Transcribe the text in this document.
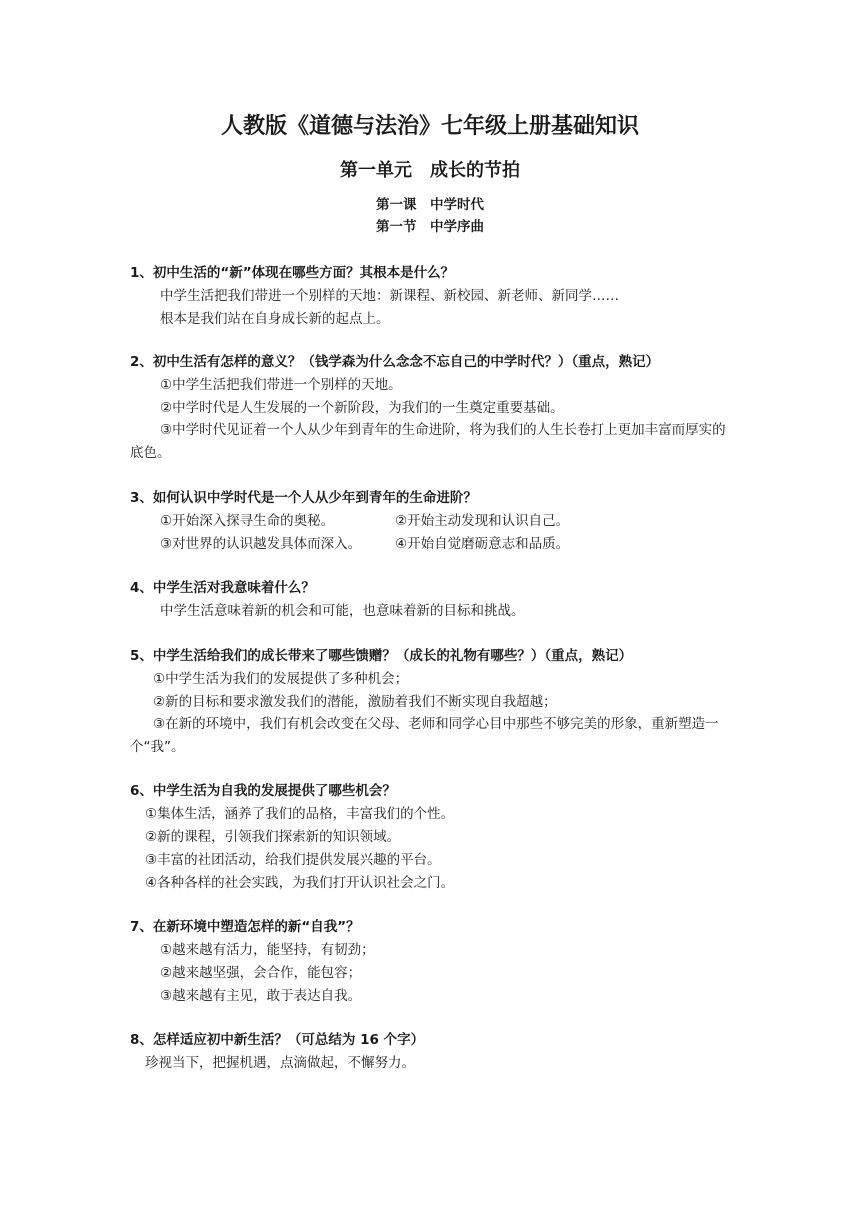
人教版《道德与法治》七年级上册基础知识
第一单元 成长的节拍
第一课 中学时代
第一节 中学序曲

1、初中生活的“新”体现在哪些方面？其根本是什么？

中学生活把我们带进一个别样的天地：新课程、新校园、新老师、新同学……

根本是我们站在自身成长新的起点上。

2、初中生活有怎样的意义？（钱学森为什么念念不忘自己的中学时代？）（重点，熟记）

①中学生活把我们带进一个别样的天地。

②中学时代是人生发展的一个新阶段，为我们的一生奠定重要基础。

③中学时代见证着一个人从少年到青年的生命进阶，将为我们的人生长卷打上更加丰富而厚实的底色。

3、如何认识中学时代是一个人从少年到青年的生命进阶？

①开始深入探寻生命的奥秘。	②开始主动发现和认识自己。

③对世界的认识越发具体而深入。	④开始自觉磨砺意志和品质。

4、中学生活对我意味着什么？

中学生活意味着新的机会和可能，也意味着新的目标和挑战。

5、中学生活给我们的成长带来了哪些馈赠？（成长的礼物有哪些？）（重点，熟记）

①中学生活为我们的发展提供了多种机会；

②新的目标和要求激发我们的潜能，激励着我们不断实现自我超越；

③在新的环境中，我们有机会改变在父母、老师和同学心目中那些不够完美的形象，重新塑造一个“我”。

6、中学生活为自我的发展提供了哪些机会？

①集体生活，涵养了我们的品格，丰富我们的个性。

②新的课程，引领我们探索新的知识领域。

③丰富的社团活动，给我们提供发展兴趣的平台。

④各种各样的社会实践，为我们打开认识社会之门。

7、在新环境中塑造怎样的新“自我”？

①越来越有活力，能坚持，有韧劲；

②越来越坚强，会合作，能包容；

③越来越有主见，敢于表达自我。

8、怎样适应初中新生活？（可总结为 16 个字）

珍视当下，把握机遇，点滴做起，不懈努力。
